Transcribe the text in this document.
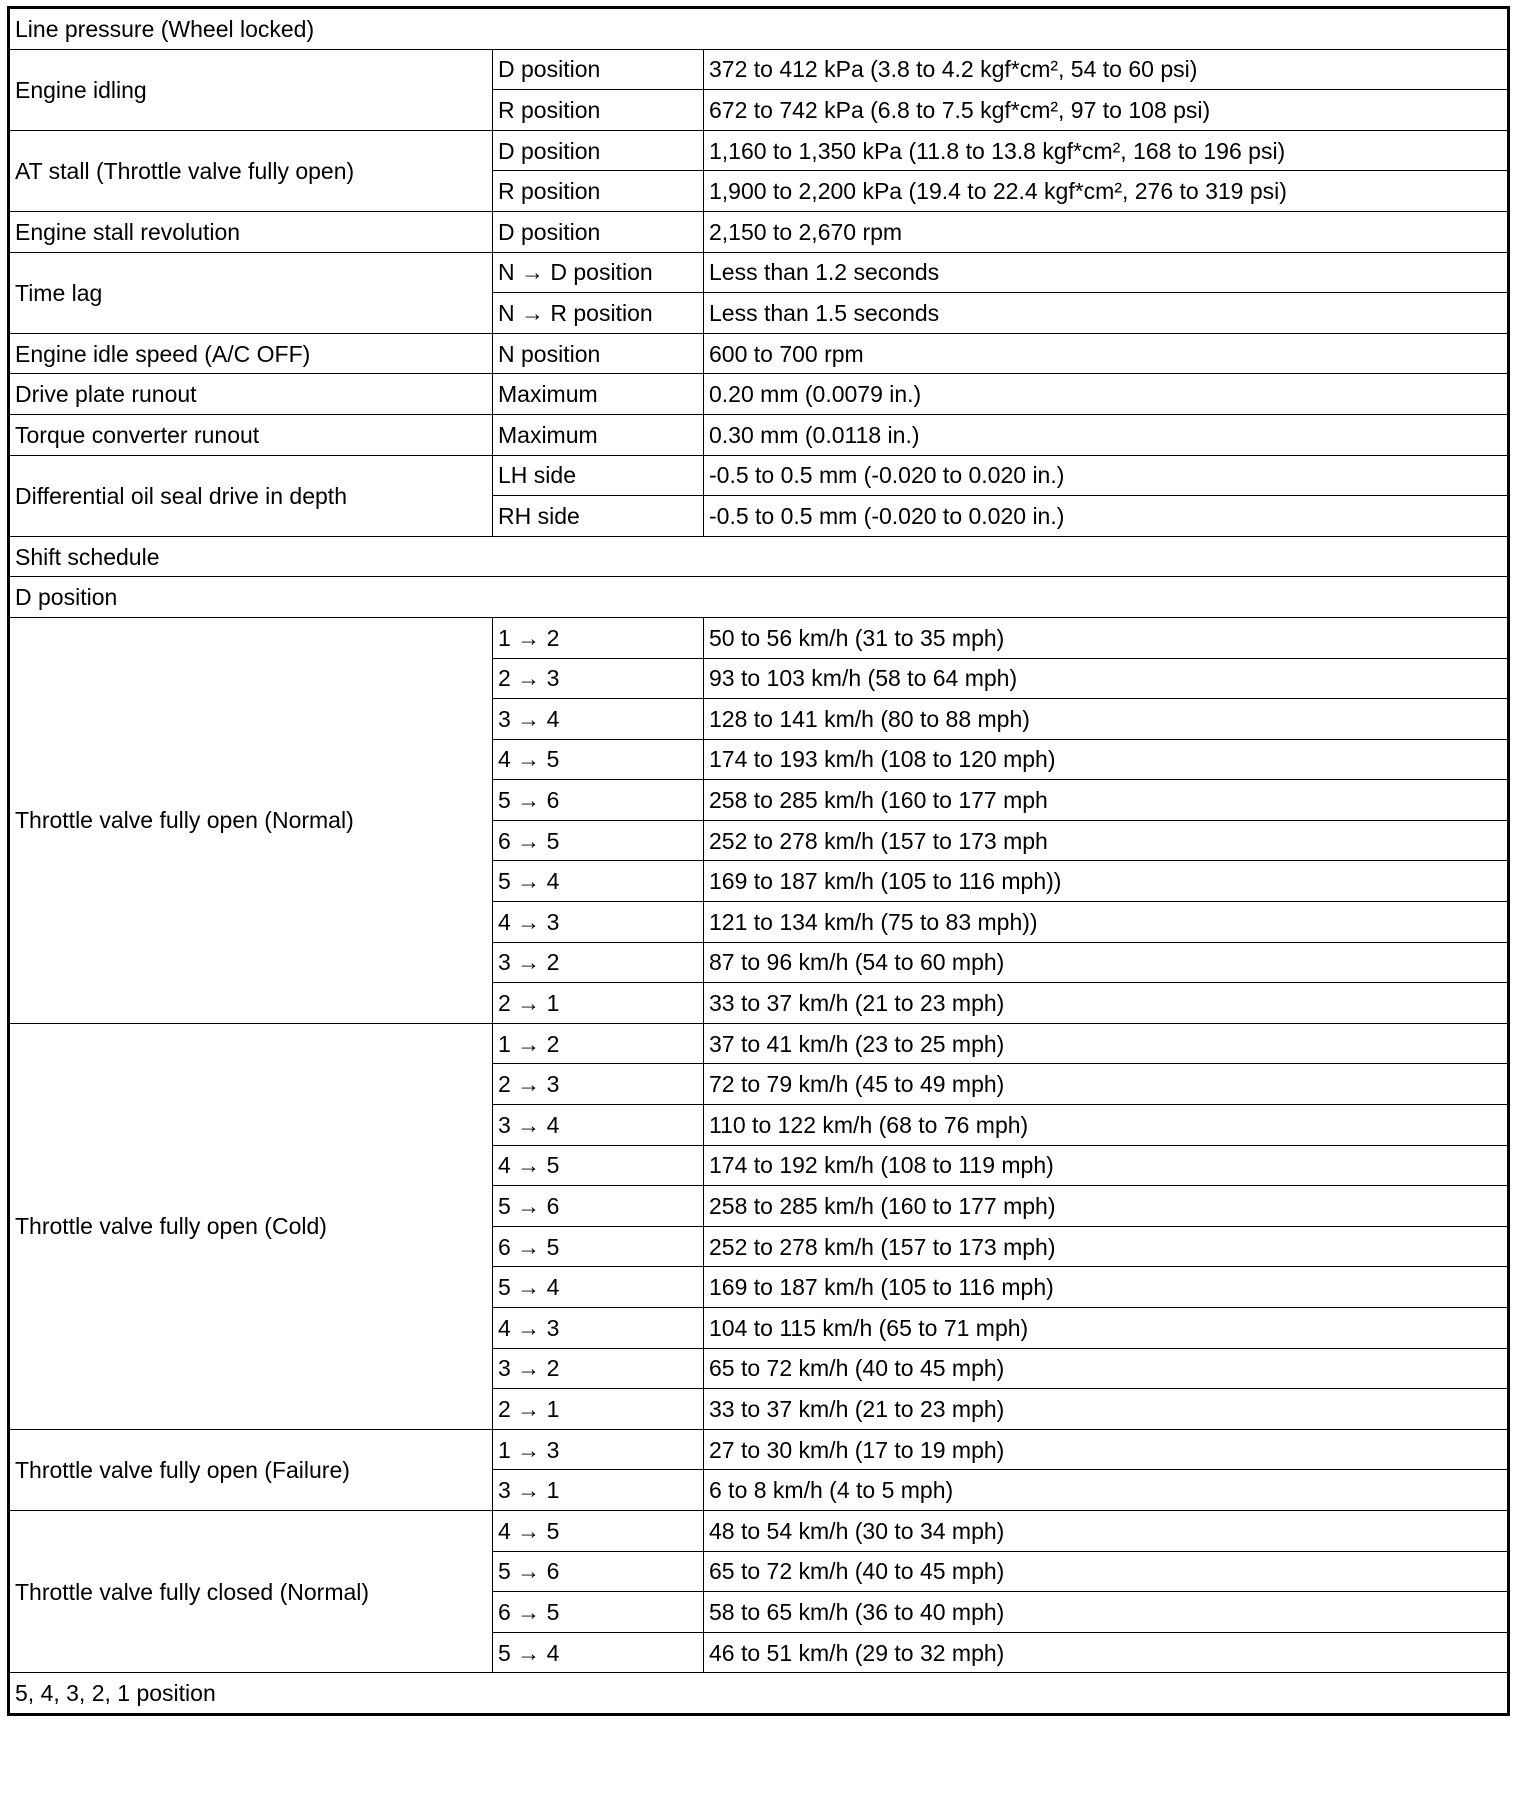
Line pressure (Wheel locked)		
Engine idling	D position	372 to 412 kPa (3.8 to 4.2 kgf*cm², 54 to 60 psi)
	R position	672 to 742 kPa (6.8 to 7.5 kgf*cm², 97 to 108 psi)
AT stall (Throttle valve fully open)	D position	1,160 to 1,350 kPa (11.8 to 13.8 kgf*cm², 168 to 196 psi)
	R position	1,900 to 2,200 kPa (19.4 to 22.4 kgf*cm², 276 to 319 psi)
Engine stall revolution	D position	2,150 to 2,670 rpm
Time lag	N → D position	Less than 1.2 seconds
	N → R position	Less than 1.5 seconds
Engine idle speed (A/C OFF)	N position	600 to 700 rpm
Drive plate runout	Maximum	0.20 mm (0.0079 in.)
Torque converter runout	Maximum	0.30 mm (0.0118 in.)
Differential oil seal drive in depth	LH side	-0.5 to 0.5 mm (-0.020 to 0.020 in.)
	RH side	-0.5 to 0.5 mm (-0.020 to 0.020 in.)
Shift schedule		
D position		
Throttle valve fully open (Normal)	1 → 2	50 to 56 km/h (31 to 35 mph)
	2 → 3	93 to 103 km/h (58 to 64 mph)
	3 → 4	128 to 141 km/h (80 to 88 mph)
	4 → 5	174 to 193 km/h (108 to 120 mph)
	5 → 6	258 to 285 km/h (160 to 177 mph
	6 → 5	252 to 278 km/h (157 to 173 mph
	5 → 4	169 to 187 km/h (105 to 116 mph))
	4 → 3	121 to 134 km/h (75 to 83 mph))
	3 → 2	87 to 96 km/h (54 to 60 mph)
	2 → 1	33 to 37 km/h (21 to 23 mph)
Throttle valve fully open (Cold)	1 → 2	37 to 41 km/h (23 to 25 mph)
	2 → 3	72 to 79 km/h (45 to 49 mph)
	3 → 4	110 to 122 km/h (68 to 76 mph)
	4 → 5	174 to 192 km/h (108 to 119 mph)
	5 → 6	258 to 285 km/h (160 to 177 mph)
	6 → 5	252 to 278 km/h (157 to 173 mph)
	5 → 4	169 to 187 km/h (105 to 116 mph)
	4 → 3	104 to 115 km/h (65 to 71 mph)
	3 → 2	65 to 72 km/h (40 to 45 mph)
	2 → 1	33 to 37 km/h (21 to 23 mph)
Throttle valve fully open (Failure)	1 → 3	27 to 30 km/h (17 to 19 mph)
	3 → 1	6 to 8 km/h (4 to 5 mph)
Throttle valve fully closed (Normal)	4 → 5	48 to 54 km/h (30 to 34 mph)
	5 → 6	65 to 72 km/h (40 to 45 mph)
	6 → 5	58 to 65 km/h (36 to 40 mph)
	5 → 4	46 to 51 km/h (29 to 32 mph)
5, 4, 3, 2, 1 position		
